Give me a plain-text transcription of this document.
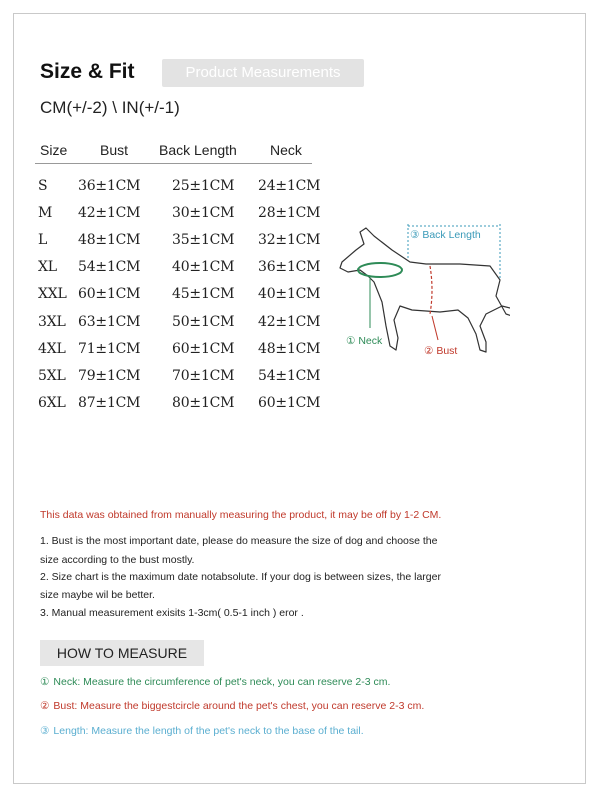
Size & Fit	Product Measurements
CM(+/-2) \ IN(+/-1)
Size Bust Back Length Neck
S 36±1CM 25±1CM 24±1CM
M 42±1CM 30±1CM 28±1CM
L 48±1CM 35±1CM 32±1CM
XL 54±1CM 40±1CM 36±1CM
XXL 60±1CM 45±1CM 40±1CM
3XL 63±1CM 50±1CM 42±1CM
4XL 71±1CM 60±1CM 48±1CM
5XL 79±1CM 70±1CM 54±1CM
6XL 87±1CM 80±1CM 60±1CM
③ Back Length
① Neck
② Bust
This data was obtained from manually measuring the product, it may be off by 1-2 CM.
1. Bust is the most important date, please do measure the size of dog and choose the
size according to the bust mostly.
2. Size chart is the maximum date notabsolute. If your dog is between sizes, the larger
size maybe wil be better.
3. Manual measurement exisits 1-3cm( 0.5-1 inch ) eror .
HOW TO MEASURE
① Neck: Measure the circumference of pet's neck, you can reserve 2-3 cm.
② Bust: Measure the biggestcircle around the pet's chest, you can reserve 2-3 cm.
③ Length: Measure the length of the pet's neck to the base of the tail.
